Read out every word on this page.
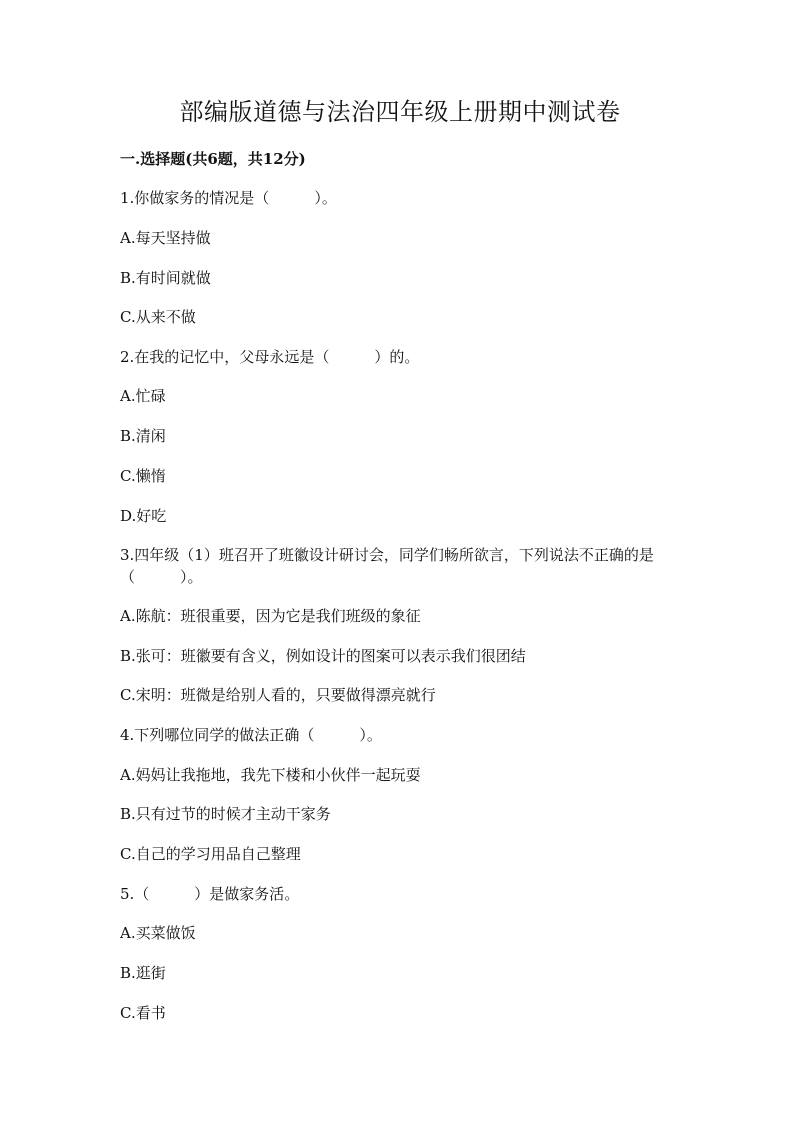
部编版道德与法治四年级上册期中测试卷
一.选择题(共6题，共12分)
1.你做家务的情况是（　　　）。
A.每天坚持做
B.有时间就做
C.从来不做
2.在我的记忆中，父母永远是（　　　）的。
A.忙碌
B.清闲
C.懒惰
D.好吃
3.四年级（1）班召开了班徽设计研讨会，同学们畅所欲言，下列说法不正确的是（　　　）。
A.陈航：班很重要，因为它是我们班级的象征
B.张可：班徽要有含义，例如设计的图案可以表示我们很团结
C.宋明：班微是给别人看的，只要做得漂亮就行
4.下列哪位同学的做法正确（　　　）。
A.妈妈让我拖地，我先下楼和小伙伴一起玩耍
B.只有过节的时候才主动干家务
C.自己的学习用品自己整理
5.（　　　）是做家务活。
A.买菜做饭
B.逛街
C.看书
